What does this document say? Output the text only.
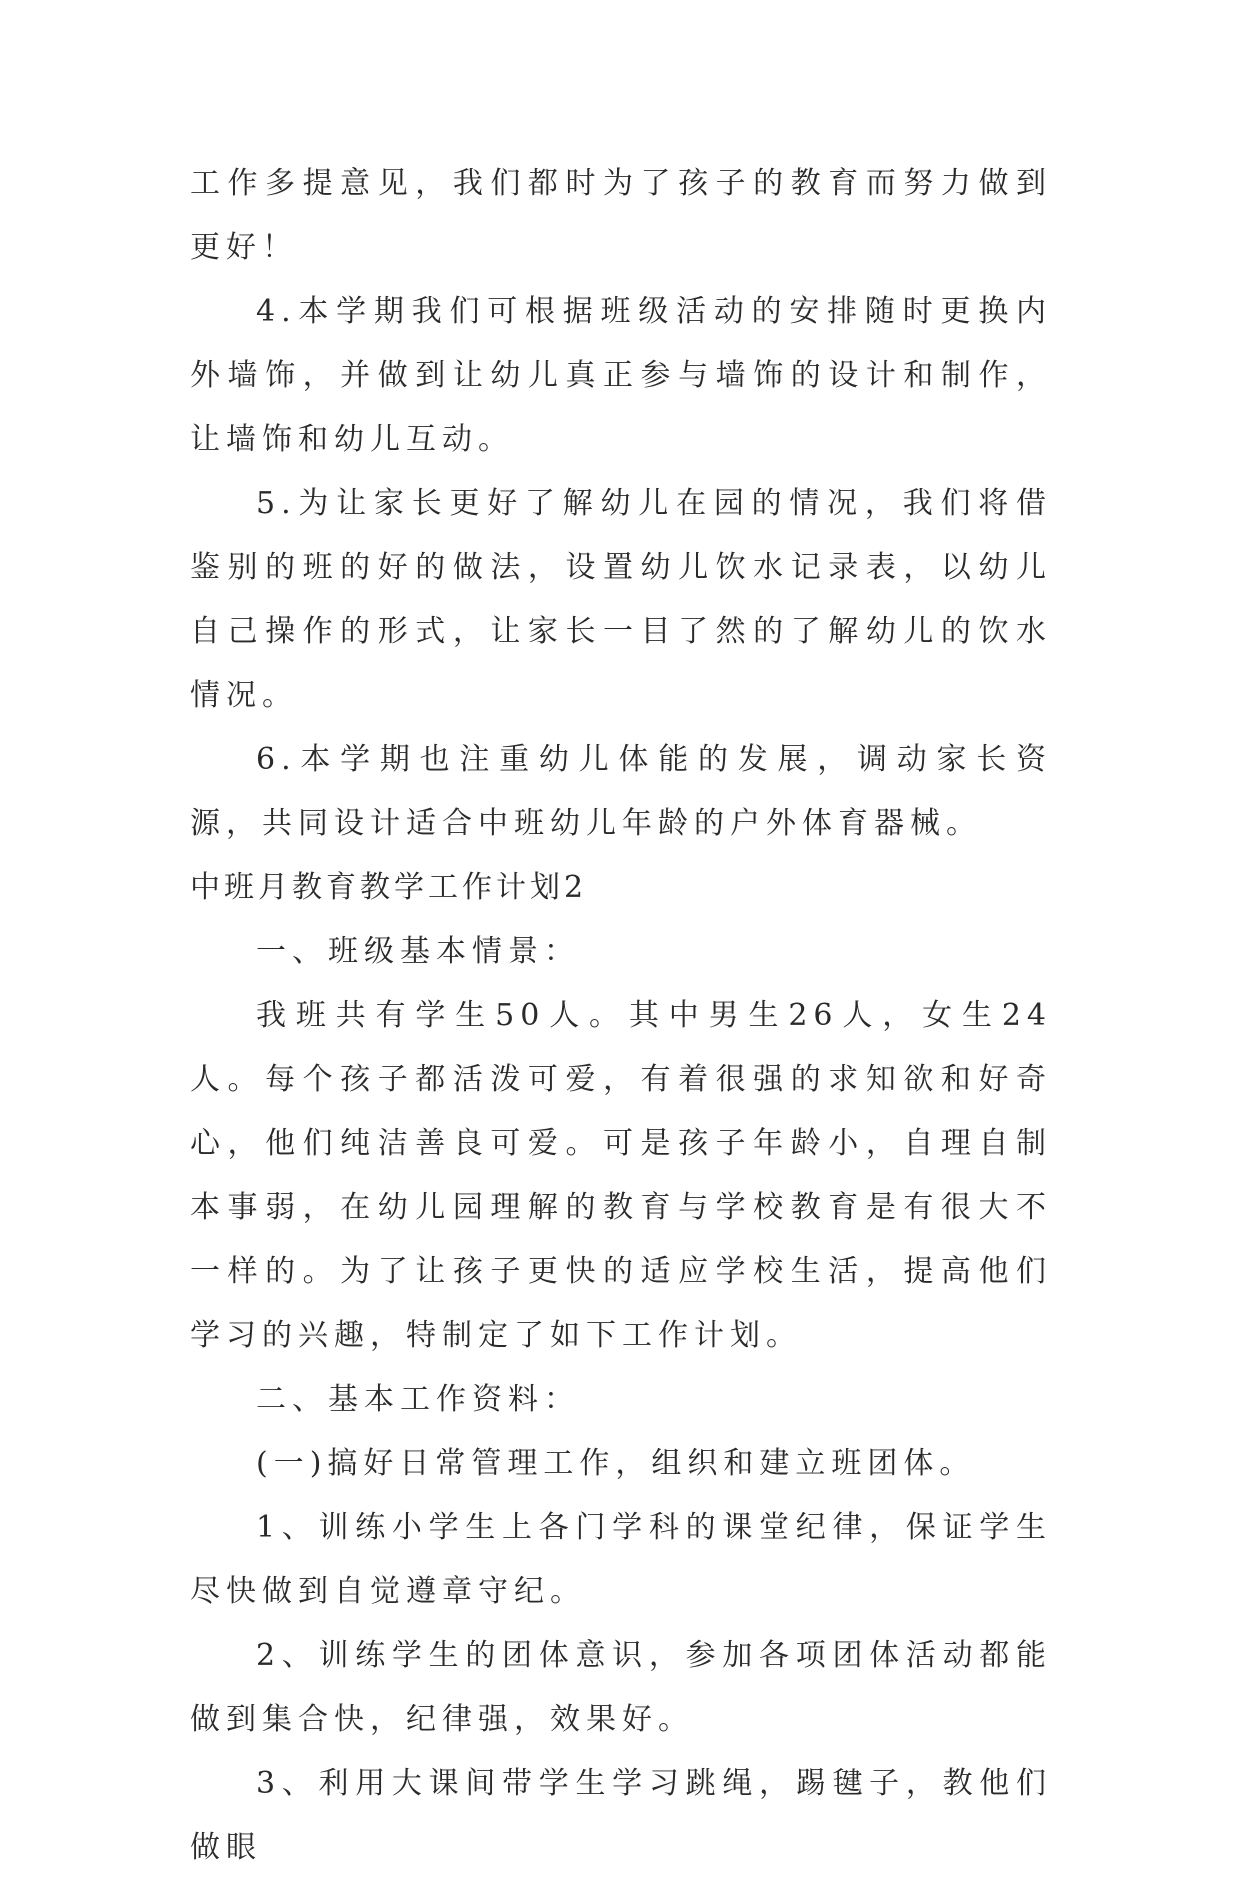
工作多提意见，我们都时为了孩子的教育而努力做到更好！

4.本学期我们可根据班级活动的安排随时更换内外墙饰，并做到让幼儿真正参与墙饰的设计和制作，让墙饰和幼儿互动。

5.为让家长更好了解幼儿在园的情况，我们将借鉴别的班的好的做法，设置幼儿饮水记录表，以幼儿自己操作的形式，让家长一目了然的了解幼儿的饮水情况。

6.本学期也注重幼儿体能的发展，调动家长资源，共同设计适合中班幼儿年龄的户外体育器械。

中班月教育教学工作计划2

一、班级基本情景：

我班共有学生50人。其中男生26人，女生24人。每个孩子都活泼可爱，有着很强的求知欲和好奇心，他们纯洁善良可爱。可是孩子年龄小，自理自制本事弱，在幼儿园理解的教育与学校教育是有很大不一样的。为了让孩子更快的适应学校生活，提高他们学习的兴趣，特制定了如下工作计划。

二、基本工作资料：

(一)搞好日常管理工作，组织和建立班团体。

1、训练小学生上各门学科的课堂纪律，保证学生尽快做到自觉遵章守纪。

2、训练学生的团体意识，参加各项团体活动都能做到集合快，纪律强，效果好。

3、利用大课间带学生学习跳绳，踢毽子，教他们做眼
